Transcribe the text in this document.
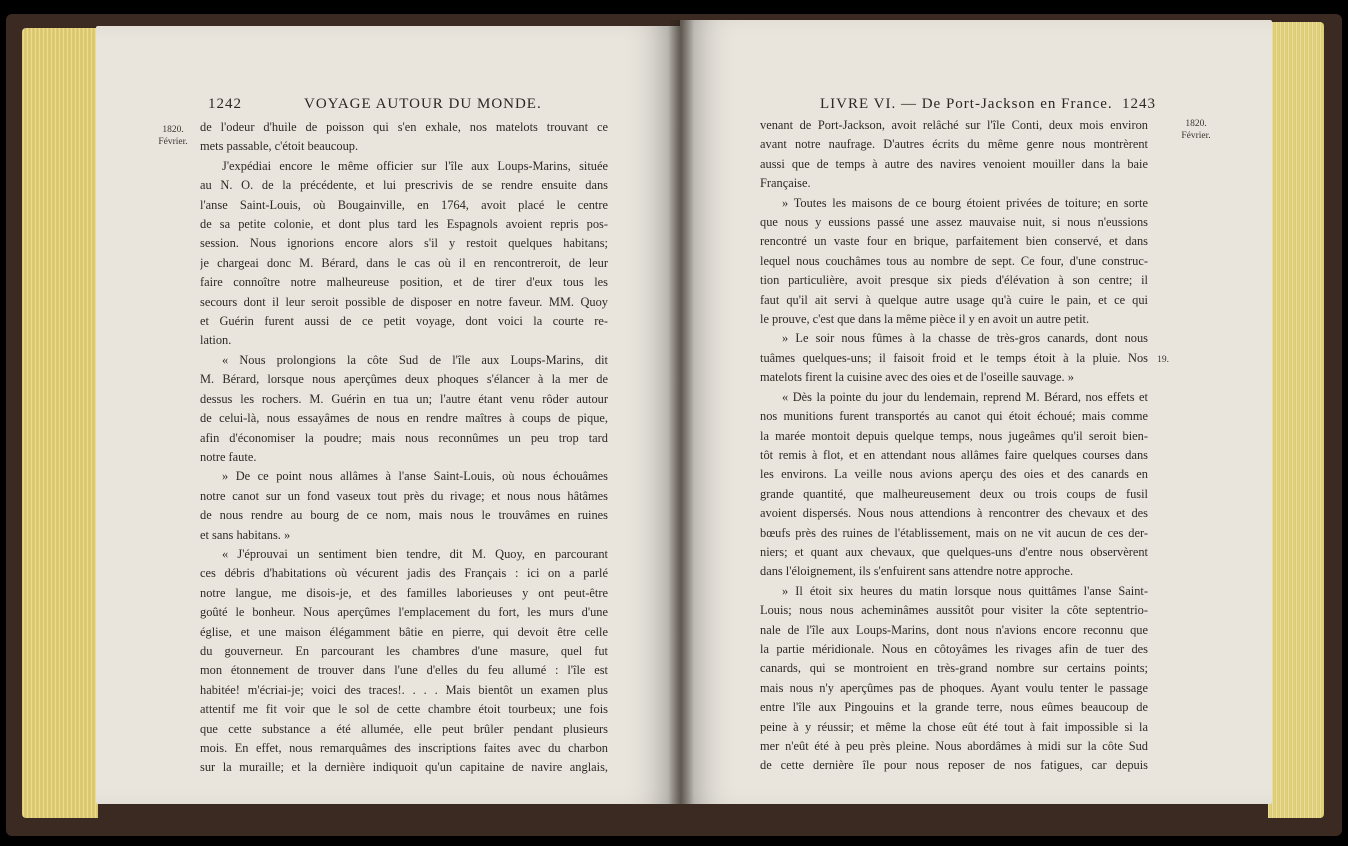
1242	VOYAGE AUTOUR DU MONDE.
1820.
Février.
de l'odeur d'huile de poisson qui s'en exhale, nos matelots trouvant ce
mets passable, c'étoit beaucoup.
J'expédiai encore le même officier sur l'île aux Loups-Marins, située
au N. O. de la précédente, et lui prescrivis de se rendre ensuite dans
l'anse Saint-Louis, où Bougainville, en 1764, avoit placé le centre
de sa petite colonie, et dont plus tard les Espagnols avoient repris pos-
session. Nous ignorions encore alors s'il y restoit quelques habitans;
je chargeai donc M. Bérard, dans le cas où il en rencontreroit, de leur
faire connoître notre malheureuse position, et de tirer d'eux tous les
secours dont il leur seroit possible de disposer en notre faveur. MM. Quoy
et Guérin furent aussi de ce petit voyage, dont voici la courte re-
lation.
« Nous prolongions la côte Sud de l'île aux Loups-Marins, dit
M. Bérard, lorsque nous aperçûmes deux phoques s'élancer à la mer de
dessus les rochers. M. Guérin en tua un; l'autre étant venu rôder autour
de celui-là, nous essayâmes de nous en rendre maîtres à coups de pique,
afin d'économiser la poudre; mais nous reconnûmes un peu trop tard
notre faute.
» De ce point nous allâmes à l'anse Saint-Louis, où nous échouâmes
notre canot sur un fond vaseux tout près du rivage; et nous nous hâtâmes
de nous rendre au bourg de ce nom, mais nous le trouvâmes en ruines
et sans habitans. »
« J'éprouvai un sentiment bien tendre, dit M. Quoy, en parcourant
ces débris d'habitations où vécurent jadis des Français : ici on a parlé
notre langue, me disois-je, et des familles laborieuses y ont peut-être
goûté le bonheur. Nous aperçûmes l'emplacement du fort, les murs d'une
église, et une maison élégamment bâtie en pierre, qui devoit être celle
du gouverneur. En parcourant les chambres d'une masure, quel fut
mon étonnement de trouver dans l'une d'elles du feu allumé : l'île est
habitée! m'écriai-je; voici des traces!. . . . Mais bientôt un examen plus
attentif me fit voir que le sol de cette chambre étoit tourbeux; une fois
que cette substance a été allumée, elle peut brûler pendant plusieurs
mois. En effet, nous remarquâmes des inscriptions faites avec du charbon
sur la muraille; et la dernière indiquoit qu'un capitaine de navire anglais,
LIVRE VI. — De Port-Jackson en France. 1243
1820.
Février.
19.
venant de Port-Jackson, avoit relâché sur l'île Conti, deux mois environ
avant notre naufrage. D'autres écrits du même genre nous montrèrent
aussi que de temps à autre des navires venoient mouiller dans la baie
Française.
» Toutes les maisons de ce bourg étoient privées de toiture; en sorte
que nous y eussions passé une assez mauvaise nuit, si nous n'eussions
rencontré un vaste four en brique, parfaitement bien conservé, et dans
lequel nous couchâmes tous au nombre de sept. Ce four, d'une construc-
tion particulière, avoit presque six pieds d'élévation à son centre; il
faut qu'il ait servi à quelque autre usage qu'à cuire le pain, et ce qui
le prouve, c'est que dans la même pièce il y en avoit un autre petit.
» Le soir nous fûmes à la chasse de très-gros canards, dont nous
tuâmes quelques-uns; il faisoit froid et le temps étoit à la pluie. Nos
matelots firent la cuisine avec des oies et de l'oseille sauvage. »
« Dès la pointe du jour du lendemain, reprend M. Bérard, nos effets et
nos munitions furent transportés au canot qui étoit échoué; mais comme
la marée montoit depuis quelque temps, nous jugeâmes qu'il seroit bien-
tôt remis à flot, et en attendant nous allâmes faire quelques courses dans
les environs. La veille nous avions aperçu des oies et des canards en
grande quantité, que malheureusement deux ou trois coups de fusil
avoient dispersés. Nous nous attendions à rencontrer des chevaux et des
bœufs près des ruines de l'établissement, mais on ne vit aucun de ces der-
niers; et quant aux chevaux, que quelques-uns d'entre nous observèrent
dans l'éloignement, ils s'enfuirent sans attendre notre approche.
» Il étoit six heures du matin lorsque nous quittâmes l'anse Saint-
Louis; nous nous acheminâmes aussitôt pour visiter la côte septentrio-
nale de l'île aux Loups-Marins, dont nous n'avions encore reconnu que
la partie méridionale. Nous en côtoyâmes les rivages afin de tuer des
canards, qui se montroient en très-grand nombre sur certains points;
mais nous n'y aperçûmes pas de phoques. Ayant voulu tenter le passage
entre l'île aux Pingouins et la grande terre, nous eûmes beaucoup de
peine à y réussir; et même la chose eût été tout à fait impossible si la
mer n'eût été à peu près pleine. Nous abordâmes à midi sur la côte Sud
de cette dernière île pour nous reposer de nos fatigues, car depuis
